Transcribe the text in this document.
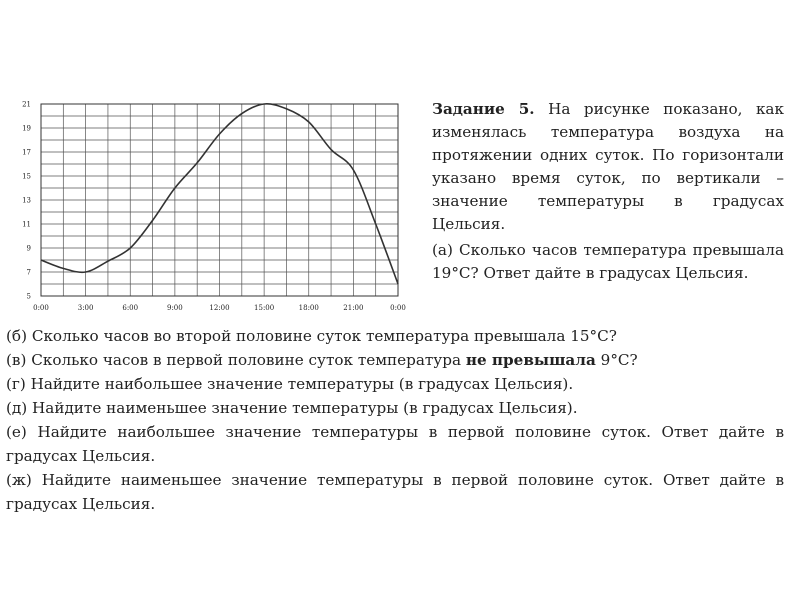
5
7
9
11
13
15
17
19
21
0:00	3:00	6:00	9:00	12:00	15:00	18:00	21:00	0:00

Задание 5. На рисунке показано, как изменялась температура воздуха на протяжении одних суток. По горизонтали указано время суток, по вертикали – значение температуры в градусах Цельсия.

(а) Сколько часов температура превышала 19°С? Ответ дайте в градусах Цельсия.

(б) Сколько часов во второй половине суток температура превышала 15°С?

(в) Сколько часов в первой половине суток температура не превышала 9°С?

(г) Найдите наибольшее значение температуры (в градусах Цельсия).

(д) Найдите наименьшее значение температуры (в градусах Цельсия).

(е) Найдите наибольшее значение температуры в первой половине суток. Ответ дайте в градусах Цельсия.

(ж) Найдите наименьшее значение температуры в первой половине суток. Ответ дайте в градусах Цельсия.
